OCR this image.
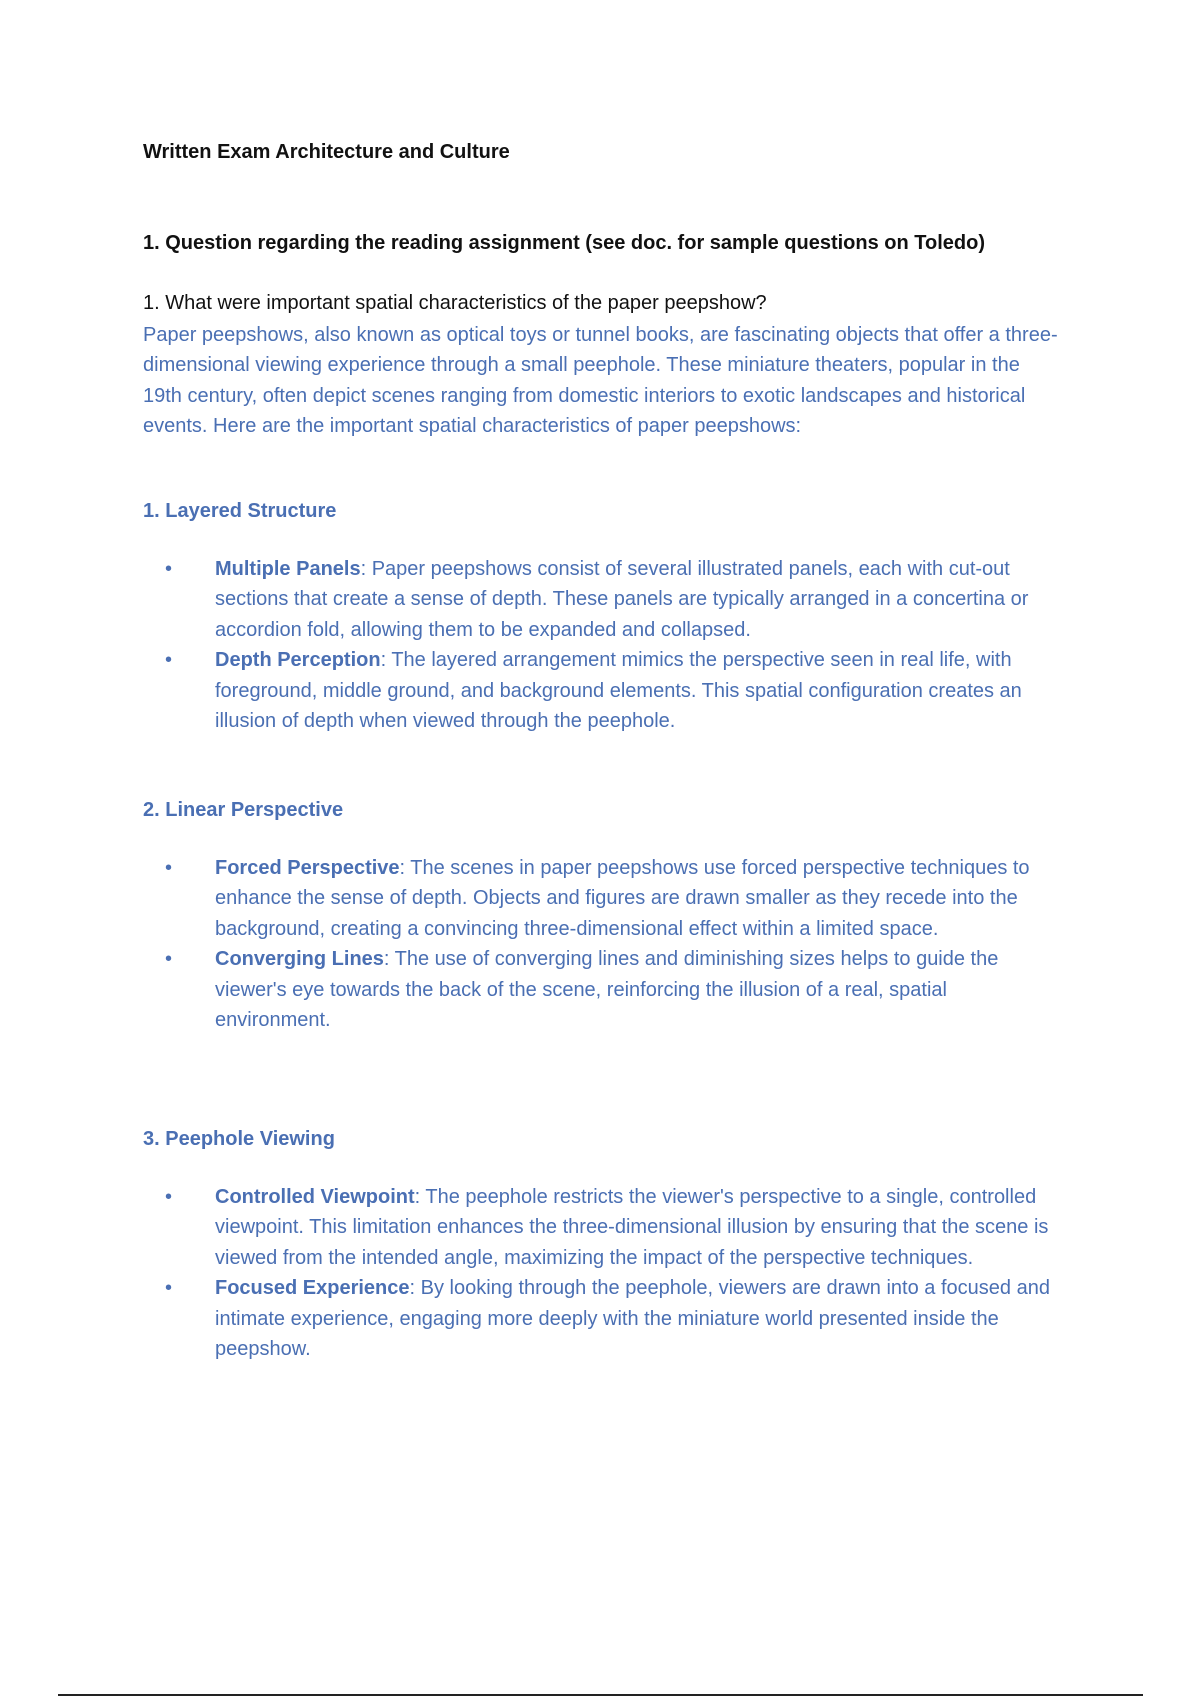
Written Exam Architecture and Culture
1. Question regarding the reading assignment (see doc. for sample questions on Toledo)
1. What were important spatial characteristics of the paper peepshow?

Paper peepshows, also known as optical toys or tunnel books, are fascinating objects that offer a three-dimensional viewing experience through a small peephole. These miniature theaters, popular in the 19th century, often depict scenes ranging from domestic interiors to exotic landscapes and historical events. Here are the important spatial characteristics of paper peepshows:

1. Layered Structure
• Multiple Panels: Paper peepshows consist of several illustrated panels, each with cut-out sections that create a sense of depth. These panels are typically arranged in a concertina or accordion fold, allowing them to be expanded and collapsed.
• Depth Perception: The layered arrangement mimics the perspective seen in real life, with foreground, middle ground, and background elements. This spatial configuration creates an illusion of depth when viewed through the peephole.
2. Linear Perspective
• Forced Perspective: The scenes in paper peepshows use forced perspective techniques to enhance the sense of depth. Objects and figures are drawn smaller as they recede into the background, creating a convincing three-dimensional effect within a limited space.
• Converging Lines: The use of converging lines and diminishing sizes helps to guide the viewer's eye towards the back of the scene, reinforcing the illusion of a real, spatial environment.
3. Peephole Viewing
• Controlled Viewpoint: The peephole restricts the viewer's perspective to a single, controlled viewpoint. This limitation enhances the three-dimensional illusion by ensuring that the scene is viewed from the intended angle, maximizing the impact of the perspective techniques.
• Focused Experience: By looking through the peephole, viewers are drawn into a focused and intimate experience, engaging more deeply with the miniature world presented inside the peepshow.
